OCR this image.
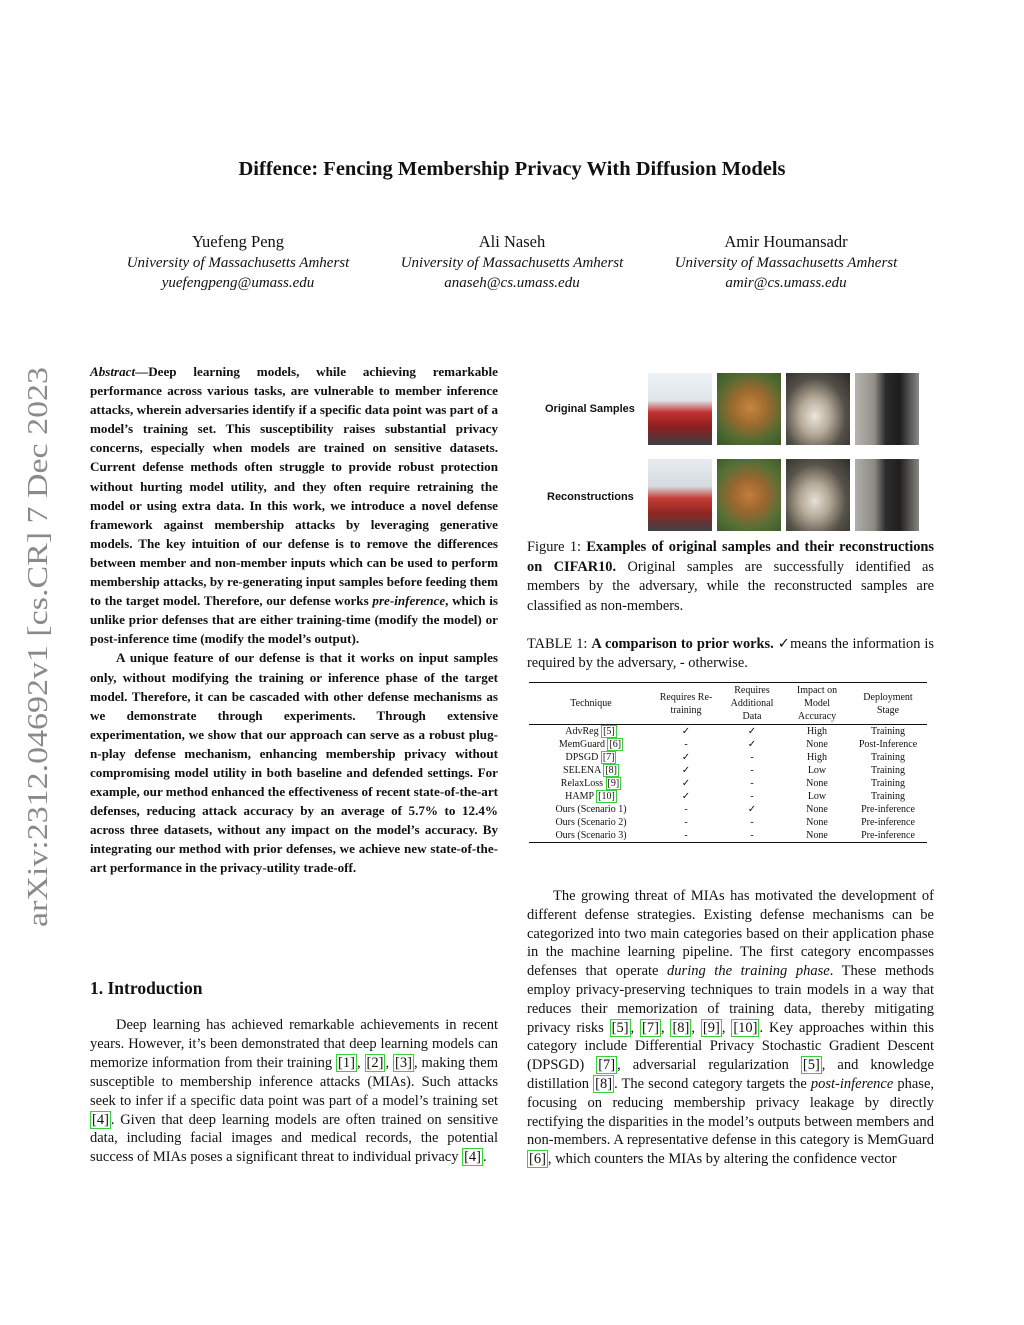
Diffence: Fencing Membership Privacy With Diffusion Models
Yuefeng Peng
University of Massachusetts Amherst
yuefengpeng@umass.edu
Ali Naseh
University of Massachusetts Amherst
anaseh@cs.umass.edu
Amir Houmansadr
University of Massachusetts Amherst
amir@cs.umass.edu
arXiv:2312.04692v1 [cs.CR] 7 Dec 2023

Abstract—Deep learning models, while achieving remarkable performance across various tasks, are vulnerable to member inference attacks, wherein adversaries identify if a specific data point was part of a model’s training set. This susceptibility raises substantial privacy concerns, especially when models are trained on sensitive datasets. Current defense methods often struggle to provide robust protection without hurting model utility, and they often require retraining the model or using extra data. In this work, we introduce a novel defense framework against membership attacks by leveraging generative models. The key intuition of our defense is to remove the differences between member and non-member inputs which can be used to perform membership attacks, by re-generating input samples before feeding them to the target model. Therefore, our defense works pre-inference, which is unlike prior defenses that are either training-time (modify the model) or post-inference time (modify the model’s output).

A unique feature of our defense is that it works on input samples only, without modifying the training or inference phase of the target model. Therefore, it can be cascaded with other defense mechanisms as we demonstrate through experiments. Through extensive experimentation, we show that our approach can serve as a robust plug-n-play defense mechanism, enhancing membership privacy without compromising model utility in both baseline and defended settings. For example, our method enhanced the effectiveness of recent state-of-the-art defenses, reducing attack accuracy by an average of 5.7% to 12.4% across three datasets, without any impact on the model’s accuracy. By integrating our method with prior defenses, we achieve new state-of-the-art performance in the privacy-utility trade-off.

1. Introduction

Deep learning has achieved remarkable achievements in recent years. However, it’s been demonstrated that deep learning models can memorize information from their training [1] , [2] , [3] , making them susceptible to membership inference attacks (MIAs). Such attacks seek to infer if a specific data point was part of a model’s training set [4] . Given that deep learning models are often trained on sensitive data, including facial images and medical records, the potential success of MIAs poses a significant threat to individual privacy [4] .

Original Samples
Reconstructions

Figure 1: Examples of original samples and their reconstructions on CIFAR10. Original samples are successfully identified as members by the adversary, while the reconstructed samples are classified as non-members.

TABLE 1: A comparison to prior works. ✓means the information is required by the adversary, - otherwise.

Technique	Requires Re-training	Requires Additional Data	Impact on Model Accuracy	Deployment Stage
AdvReg [5]	✓	✓	High	Training
MemGuard [6]	-	✓	None	Post-Inference
DPSGD [7]	✓	-	High	Training
SELENA [8]	✓	-	Low	Training
RelaxLoss [9]	✓	-	None	Training
HAMP [10]	✓	-	Low	Training
Ours (Scenario 1)	-	✓	None	Pre-inference
Ours (Scenario 2)	-	-	None	Pre-inference
Ours (Scenario 3)	-	-	None	Pre-inference

The growing threat of MIAs has motivated the development of different defense strategies. Existing defense mechanisms can be categorized into two main categories based on their application phase in the machine learning pipeline. The first category encompasses defenses that operate during the training phase. These methods employ privacy-preserving techniques to train models in a way that reduces their memorization of training data, thereby mitigating privacy risks [5] , [7] , [8] , [9] , [10] . Key approaches within this category include Differential Privacy Stochastic Gradient Descent (DPSGD) [7] , adversarial regularization [5] , and knowledge distillation [8] . The second category targets the post-inference phase, focusing on reducing membership privacy leakage by directly rectifying the disparities in the model’s outputs between members and non-members. A representative defense in this category is MemGuard [6] , which counters the MIAs by altering the confidence vector
